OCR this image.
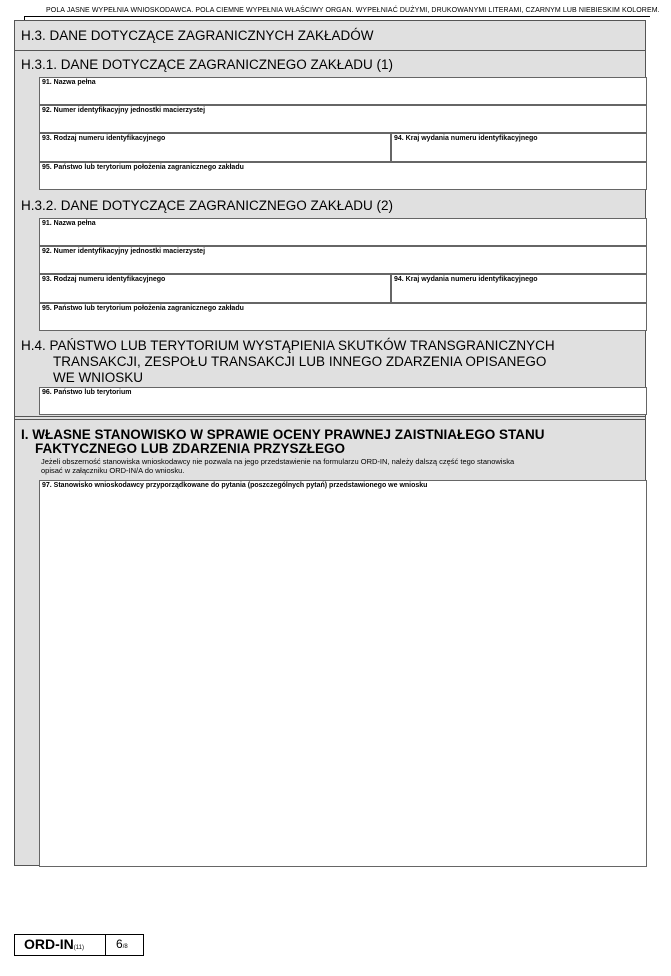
POLA JASNE WYPEŁNIA WNIOSKODAWCA. POLA CIEMNE WYPEŁNIA WŁAŚCIWY ORGAN. WYPEŁNIAĆ DUŻYMI, DRUKOWANYMI LITERAMI, CZARNYM LUB NIEBIESKIM KOLOREM.
H.3. DANE DOTYCZĄCE ZAGRANICZNYCH ZAKŁADÓW
H.3.1. DANE DOTYCZĄCE ZAGRANICZNEGO ZAKŁADU (1)
91. Nazwa pełna
92. Numer identyfikacyjny jednostki macierzystej
93. Rodzaj numeru identyfikacyjnego	94. Kraj wydania numeru identyfikacyjnego
95. Państwo lub terytorium położenia zagranicznego zakładu
H.3.2. DANE DOTYCZĄCE ZAGRANICZNEGO ZAKŁADU (2)
91. Nazwa pełna
92. Numer identyfikacyjny jednostki macierzystej
93. Rodzaj numeru identyfikacyjnego	94. Kraj wydania numeru identyfikacyjnego
95. Państwo lub terytorium położenia zagranicznego zakładu
H.4. PAŃSTWO LUB TERYTORIUM WYSTĄPIENIA SKUTKÓW TRANSGRANICZNYCH
TRANSAKCJI, ZESPOŁU TRANSAKCJI LUB INNEGO ZDARZENIA OPISANEGO
WE WNIOSKU
96. Państwo lub terytorium
I. WŁASNE STANOWISKO W SPRAWIE OCENY PRAWNEJ ZAISTNIAŁEGO STANU
FAKTYCZNEGO LUB ZDARZENIA PRZYSZŁEGO
Jeżeli obszerność stanowiska wnioskodawcy nie pozwala na jego przedstawienie na formularzu ORD-IN, należy dalszą część tego stanowiska
opisać w załączniku ORD-IN/A do wniosku.
97. Stanowisko wnioskodawcy przyporządkowane do pytania (poszczególnych pytań) przedstawionego we wniosku
ORD-IN(11)	6/8
